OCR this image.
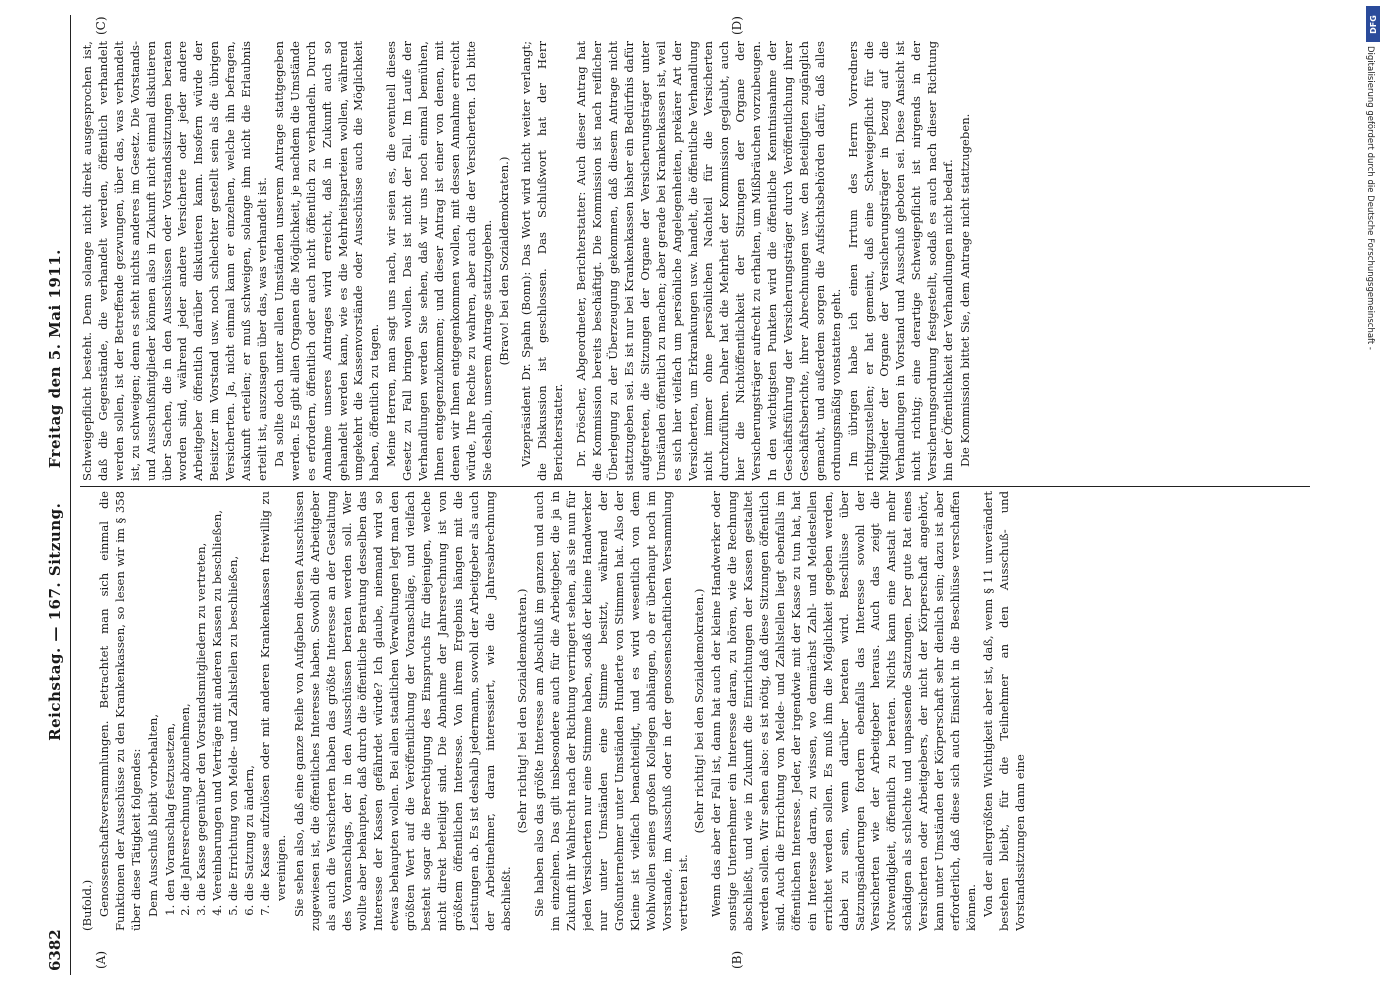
6382
Reichstag. — 167. Sitzung.      Freitag den 5. Mai 1911.
(A)	(B)
(C)	(D)

(Bufold.) Genossenschaftsversammlungen. Betrachtet man sich einmal die Funktionen der Ausschüsse zu den Krankenkassen, so lesen wir im § 358 über diese Tätigkeit folgendes: Dem Ausschuß bleibt vorbehalten, 1. den Voranschlag festzusetzen, 2. die Jahresrechnung abzunehmen, 3. die Kasse gegenüber den Vorstandsmitgliedern zu vertreten, 4. Vereinbarungen und Verträge mit anderen Kassen zu beschließen, 5. die Errichtung von Melde- und Zahlstellen zu beschließen, 6. die Satzung zu ändern, 7. die Kasse aufzulösen oder mit anderen Krankenkassen freiwillig zu vereinigen. Sie sehen also, daß eine ganze Reihe von Aufgaben diesen Ausschüssen zugewiesen ist, die öffentliches Interesse haben. Sowohl die Arbeitgeber als auch die Versicherten haben das größte Interesse an der Gestaltung des Voranschlags, der in den Ausschüssen beraten werden soll. Wer wollte aber behaupten, daß durch die öffentliche Beratung desselben das Interesse der Kassen gefährdet würde? Ich glaube, niemand wird so etwas behaupten wollen. Bei allen staatlichen Verwaltungen legt man den größten Wert auf die Veröffentlichung der Voranschläge, und vielfach besteht sogar die Berechtigung des Einspruchs für diejenigen, welche nicht direkt beteiligt sind. Die Abnahme der Jahresrechnung ist von größtem öffentlichen Interesse. Von ihrem Ergebnis hängen mit die Leistungen ab. Es ist deshalb jedermann, sowohl der Arbeitgeber als auch der Arbeitnehmer, daran interessiert, wie die Jahresabrechnung abschließt.

(Sehr richtig! bei den Sozialdemokraten.) Sie haben also das größte Interesse am Abschluß im ganzen und auch im einzelnen. Das gilt insbesondere auch für die Arbeitgeber, die ja in Zukunft ihr Wahlrecht nach der Richtung verringert sehen, als sie nun für jeden Versicherten nur eine Stimme haben, sodaß der kleine Handwerker nur unter Umständen eine Stimme besitzt, während der Großunternehmer unter Umständen Hunderte von Stimmen hat. Also der Kleine ist vielfach benachteiligt, und es wird wesentlich von dem Wohlwollen seines großen Kollegen abhängen, ob er überhaupt noch im Vorstande, im Ausschuß oder in der genossenschaftlichen Versammlung vertreten ist.

(Sehr richtig! bei den Sozialdemokraten.) Wenn das aber der Fall ist, dann hat auch der kleine Handwerker oder sonstige Unternehmer ein Interesse daran, zu hören, wie die Rechnung abschließt, und wie in Zukunft die Einrichtungen der Kassen gestaltet werden sollen. Wir sehen also: es ist nötig, daß diese Sitzungen öffentlich sind. Auch die Errichtung von Melde- und Zahlstellen liegt ebenfalls im öffentlichen Interesse. Jeder, der irgendwie mit der Kasse zu tun hat, hat ein Interesse daran, zu wissen, wo demnächst Zahl- und Meldestellen errichtet werden sollen. Es muß ihm die Möglichkeit gegeben werden, dabei zu sein, wenn darüber beraten wird. Beschlüsse über Satzungsänderungen fordern ebenfalls das Interesse sowohl der Versicherten wie der Arbeitgeber heraus. Auch das zeigt die Notwendigkeit, öffentlich zu beraten. Nichts kann eine Anstalt mehr schädigen als schlechte und unpassende Satzungen. Der gute Rat eines Versicherten oder Arbeitgebers, der nicht der Körperschaft angehört, kann unter Umständen der Körperschaft sehr dienlich sein; dazu ist aber erforderlich, daß diese sich auch Einsicht in die Beschlüsse verschaffen können. Von der allergrößten Wichtigkeit aber ist, daß, wenn § 11 unverändert bestehen bleibt, für die Teilnehmer an den Ausschuß- und Vorstandssitzungen dann eine

Schweigepflicht besteht. Denn solange nicht direkt ausgesprochen ist, daß die Gegenstände, die verhandelt werden, öffentlich verhandelt werden sollen, ist der Betreffende gezwungen, über das, was verhandelt ist, zu schweigen; denn es steht nichts anderes im Gesetz. Die Vorstands- und Ausschußmitglieder können also in Zukunft nicht einmal diskutieren über Sachen, die in den Ausschüssen oder Vorstandssitzungen beraten worden sind, während jeder andere Versicherte oder jeder andere Arbeitgeber öffentlich darüber diskutieren kann. Insofern würde der Beisitzer im Vorstand usw. noch schlechter gestellt sein als die übrigen Versicherten. Ja, nicht einmal kann er einzelnen, welche ihn befragen, Auskunft erteilen; er muß schweigen, solange ihm nicht die Erlaubnis erteilt ist, auszusagen über das, was verhandelt ist. Da sollte doch unter allen Umständen unserem Antrage stattgegeben werden. Es gibt allen Organen die Möglichkeit, je nachdem die Umstände es erfordern, öffentlich oder auch nicht öffentlich zu verhandeln. Durch Annahme unseres Antrages wird erreicht, daß in Zukunft auch so gehandelt werden kann, wie es die Mehrheitsparteien wollen, während umgekehrt die Kassenvorstände oder Ausschüsse auch die Möglichkeit haben, öffentlich zu tagen. Meine Herren, man sagt uns nach, wir seien es, die eventuell dieses Gesetz zu Fall bringen wollen. Das ist nicht der Fall. Im Laufe der Verhandlungen werden Sie sehen, daß wir uns noch einmal bemühen, Ihnen entgegenzukommen; und dieser Antrag ist einer von denen, mit denen wir Ihnen entgegenkommen wollen, mit dessen Annahme erreicht würde, Ihre Rechte zu wahren, aber auch die der Versicherten. Ich bitte Sie deshalb, unserem Antrage stattzugeben. (Bravo! bei den Sozialdemokraten.) Vizepräsident Dr. Spahn (Bonn): Das Wort wird nicht weiter verlangt; die Diskussion ist geschlossen. Das Schlußwort hat der Herr Berichterstatter. Dr. Dröscher, Abgeordneter, Berichterstatter: Auch dieser Antrag hat die Kommission bereits beschäftigt. Die Kommission ist nach reiflicher Überlegung zu der Überzeugung gekommen, daß diesem Antrage nicht stattzugeben sei. Es ist nur bei Krankenkassen bisher ein Bedürfnis dafür aufgetreten, die Sitzungen der Organe der Versicherungsträger unter Umständen öffentlich zu machen; aber gerade bei Krankenkassen ist, weil es sich hier vielfach um persönliche Angelegenheiten, prekärer Art der Versicherten, um Erkrankungen usw. handelt, die öffentliche Verhandlung nicht immer ohne persönlichen Nachteil für die Versicherten durchzuführen. Daher hat die Mehrheit der Kommission geglaubt, auch hier die Nichtöffentlichkeit der Sitzungen der Organe der Versicherungsträger aufrecht zu erhalten, um Mißbräuchen vorzubeugen. In den wichtigsten Punkten wird die öffentliche Kenntnisnahme der Geschäftsführung der Versicherungsträger durch Veröffentlichung ihrer Geschäftsberichte, ihrer Abrechnungen usw. den Beteiligten zugänglich gemacht, und außerdem sorgen die Aufsichtsbehörden dafür, daß alles ordnungsmäßig vonstatten geht. Im übrigen habe ich einen Irrtum des Herrn Vorredners richtigzustellen; er hat gemeint, daß eine Schweigepflicht für die Mitglieder der Organe der Versicherungsträger in bezug auf die Verhandlungen in Vorstand und Ausschuß geboten sei. Diese Ansicht ist nicht richtig; eine derartige Schweigepflicht ist nirgends in der Versicherungsordnung festgestellt, sodaß es auch nach dieser Richtung hin der Öffentlichkeit der Verhandlungen nicht bedarf. Die Kommission bittet Sie, dem Antrage nicht stattzugeben.

DFG
Digitalisierung gefördert durch die Deutsche Forschungsgemeinschaft -
